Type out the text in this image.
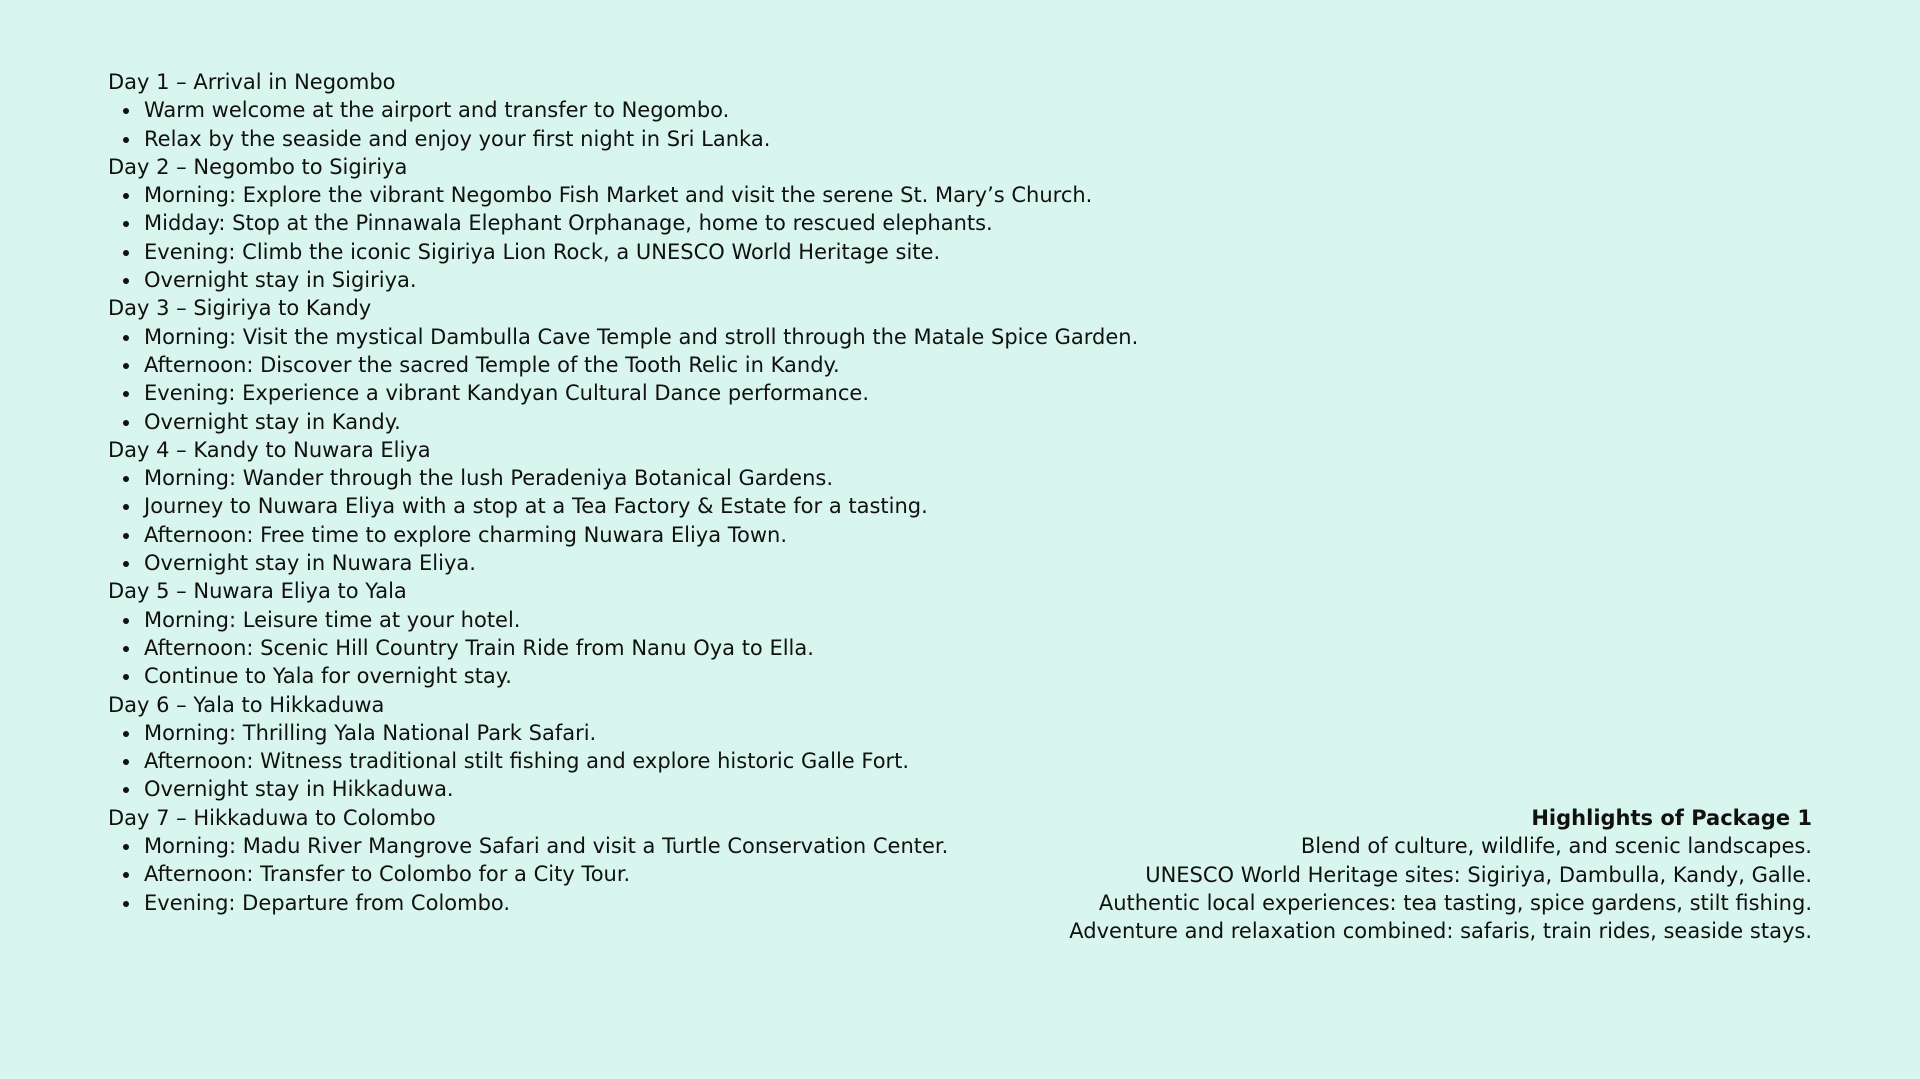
Day 1 – Arrival in Negombo
Warm welcome at the airport and transfer to Negombo.
Relax by the seaside and enjoy your first night in Sri Lanka.
Day 2 – Negombo to Sigiriya
Morning: Explore the vibrant Negombo Fish Market and visit the serene St. Mary’s Church.
Midday: Stop at the Pinnawala Elephant Orphanage, home to rescued elephants.
Evening: Climb the iconic Sigiriya Lion Rock, a UNESCO World Heritage site.
Overnight stay in Sigiriya.
Day 3 – Sigiriya to Kandy
Morning: Visit the mystical Dambulla Cave Temple and stroll through the Matale Spice Garden.
Afternoon: Discover the sacred Temple of the Tooth Relic in Kandy.
Evening: Experience a vibrant Kandyan Cultural Dance performance.
Overnight stay in Kandy.
Day 4 – Kandy to Nuwara Eliya
Morning: Wander through the lush Peradeniya Botanical Gardens.
Journey to Nuwara Eliya with a stop at a Tea Factory & Estate for a tasting.
Afternoon: Free time to explore charming Nuwara Eliya Town.
Overnight stay in Nuwara Eliya.
Day 5 – Nuwara Eliya to Yala
Morning: Leisure time at your hotel.
Afternoon: Scenic Hill Country Train Ride from Nanu Oya to Ella.
Continue to Yala for overnight stay.
Day 6 – Yala to Hikkaduwa
Morning: Thrilling Yala National Park Safari.
Afternoon: Witness traditional stilt fishing and explore historic Galle Fort.
Overnight stay in Hikkaduwa.
Day 7 – Hikkaduwa to Colombo
Morning: Madu River Mangrove Safari and visit a Turtle Conservation Center.
Afternoon: Transfer to Colombo for a City Tour.
Evening: Departure from Colombo.
Highlights of Package 1
Blend of culture, wildlife, and scenic landscapes.
UNESCO World Heritage sites: Sigiriya, Dambulla, Kandy, Galle.
Authentic local experiences: tea tasting, spice gardens, stilt fishing.
Adventure and relaxation combined: safaris, train rides, seaside stays.
